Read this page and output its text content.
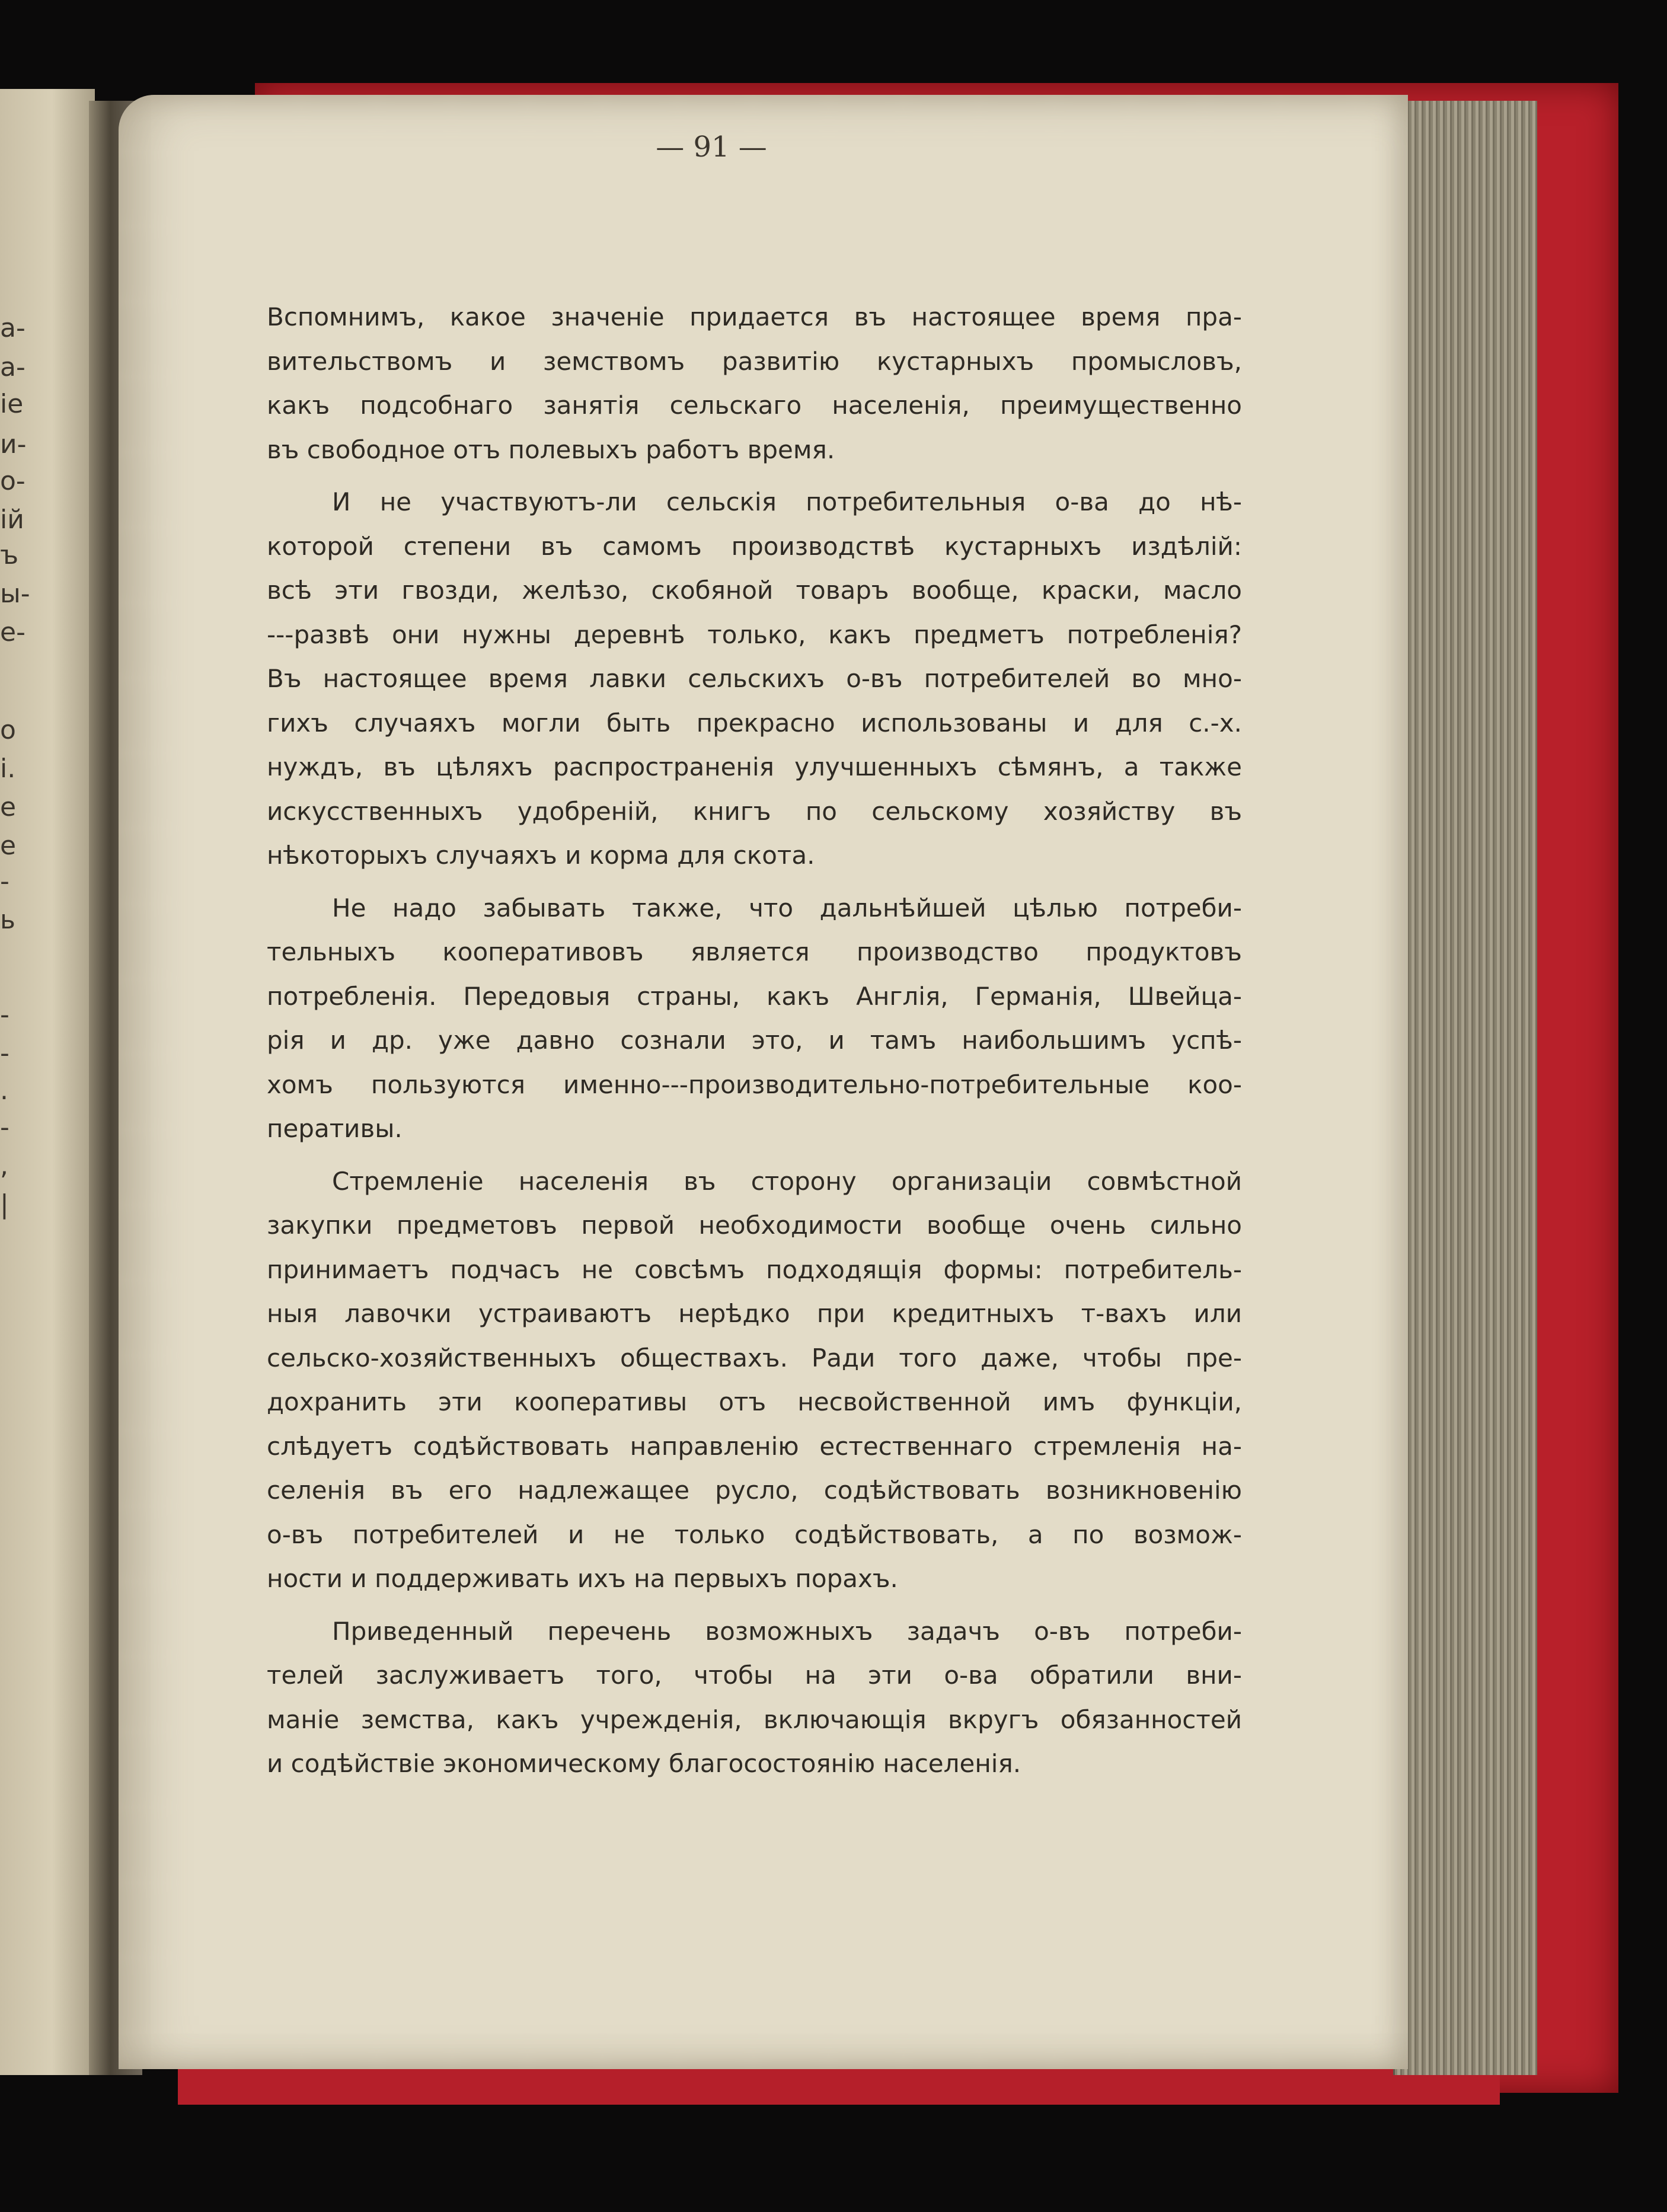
а-
а-
іе
и-
о-
ій
ъ
ы-
е-
о
і.
е
е
-
ь
-
-
.
-
,
|
— 91 —
Вспомнимъ, какое значеніе придается въ настоящее время пра-
вительствомъ и земствомъ развитію кустарныхъ промысловъ,
какъ подсобнаго занятія сельскаго населенія, преимущественно
въ свободное отъ полевыхъ работъ время.
И не участвуютъ-ли сельскія потребительныя о-ва до нѣ-
которой степени въ самомъ производствѣ кустарныхъ издѣлій:
всѣ эти гвозди, желѣзо, скобяной товаръ вообще, краски, масло
---развѣ они нужны деревнѣ только, какъ предметъ потребленія?
Въ настоящее время лавки сельскихъ о-въ потребителей во мно-
гихъ случаяхъ могли быть прекрасно использованы и для с.-х.
нуждъ, въ цѣляхъ распространенія улучшенныхъ сѣмянъ, а также
искусственныхъ удобреній, книгъ по сельскому хозяйству въ
нѣкоторыхъ случаяхъ и корма для скота.
Не надо забывать также, что дальнѣйшей цѣлью потреби-
тельныхъ кооперативовъ является производство продуктовъ
потребленія. Передовыя страны, какъ Англія, Германія, Швейца-
рія и др. уже давно сознали это, и тамъ наибольшимъ успѣ-
хомъ пользуются именно---производительно-потребительные коо-
перативы.
Стремленіе населенія въ сторону организаціи совмѣстной
закупки предметовъ первой необходимости вообще очень сильно
принимаетъ подчасъ не совсѣмъ подходящія формы: потребитель-
ныя лавочки устраиваютъ нерѣдко при кредитныхъ т-вахъ или
сельско-хозяйственныхъ обществахъ. Ради того даже, чтобы пре-
дохранить эти кооперативы отъ несвойственной имъ функціи,
слѣдуетъ содѣйствовать направленію естественнаго стремленія на-
селенія въ его надлежащее русло, содѣйствовать возникновенію
о-въ потребителей и не только содѣйствовать, а по возмож-
ности и поддерживать ихъ на первыхъ порахъ.
Приведенный перечень возможныхъ задачъ о-въ потреби-
телей заслуживаетъ того, чтобы на эти о-ва обратили вни-
маніе земства, какъ учрежденія, включающія вкругъ обязанностей
и содѣйствіе экономическому благосостоянію населенія.
